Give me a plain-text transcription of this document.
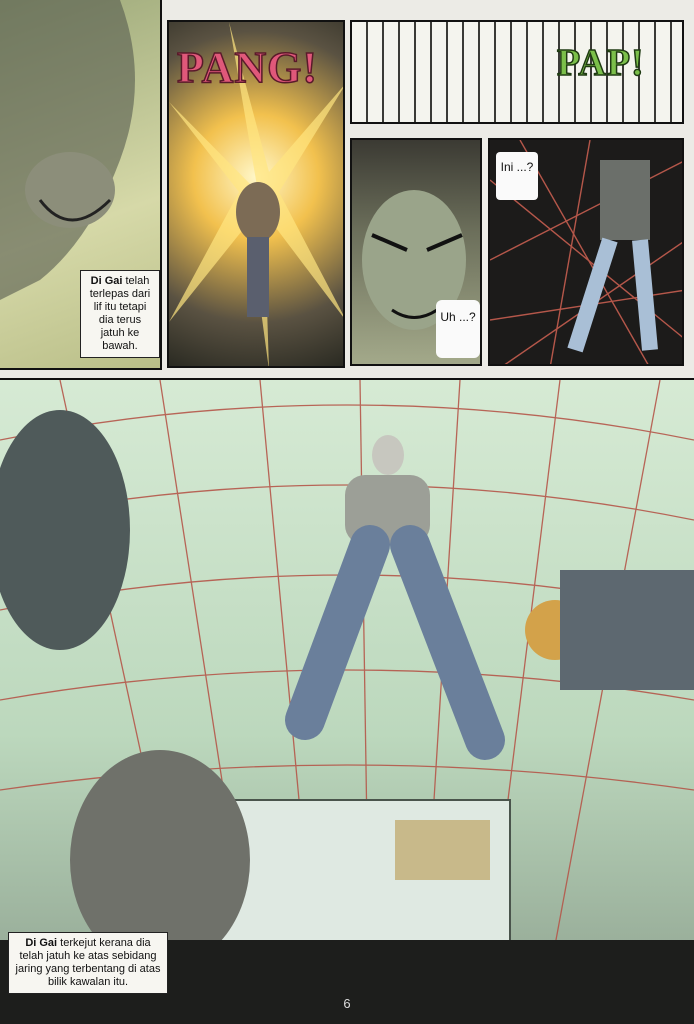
Di Gai telah terlepas dari lif itu tetapi dia terus jatuh ke bawah.
PANG!	PAP!
Uh ...?
Ini ...?
Di Gai terkejut kerana dia telah jatuh ke atas sebidang jaring yang terbentang di atas bilik kawalan itu.
6
